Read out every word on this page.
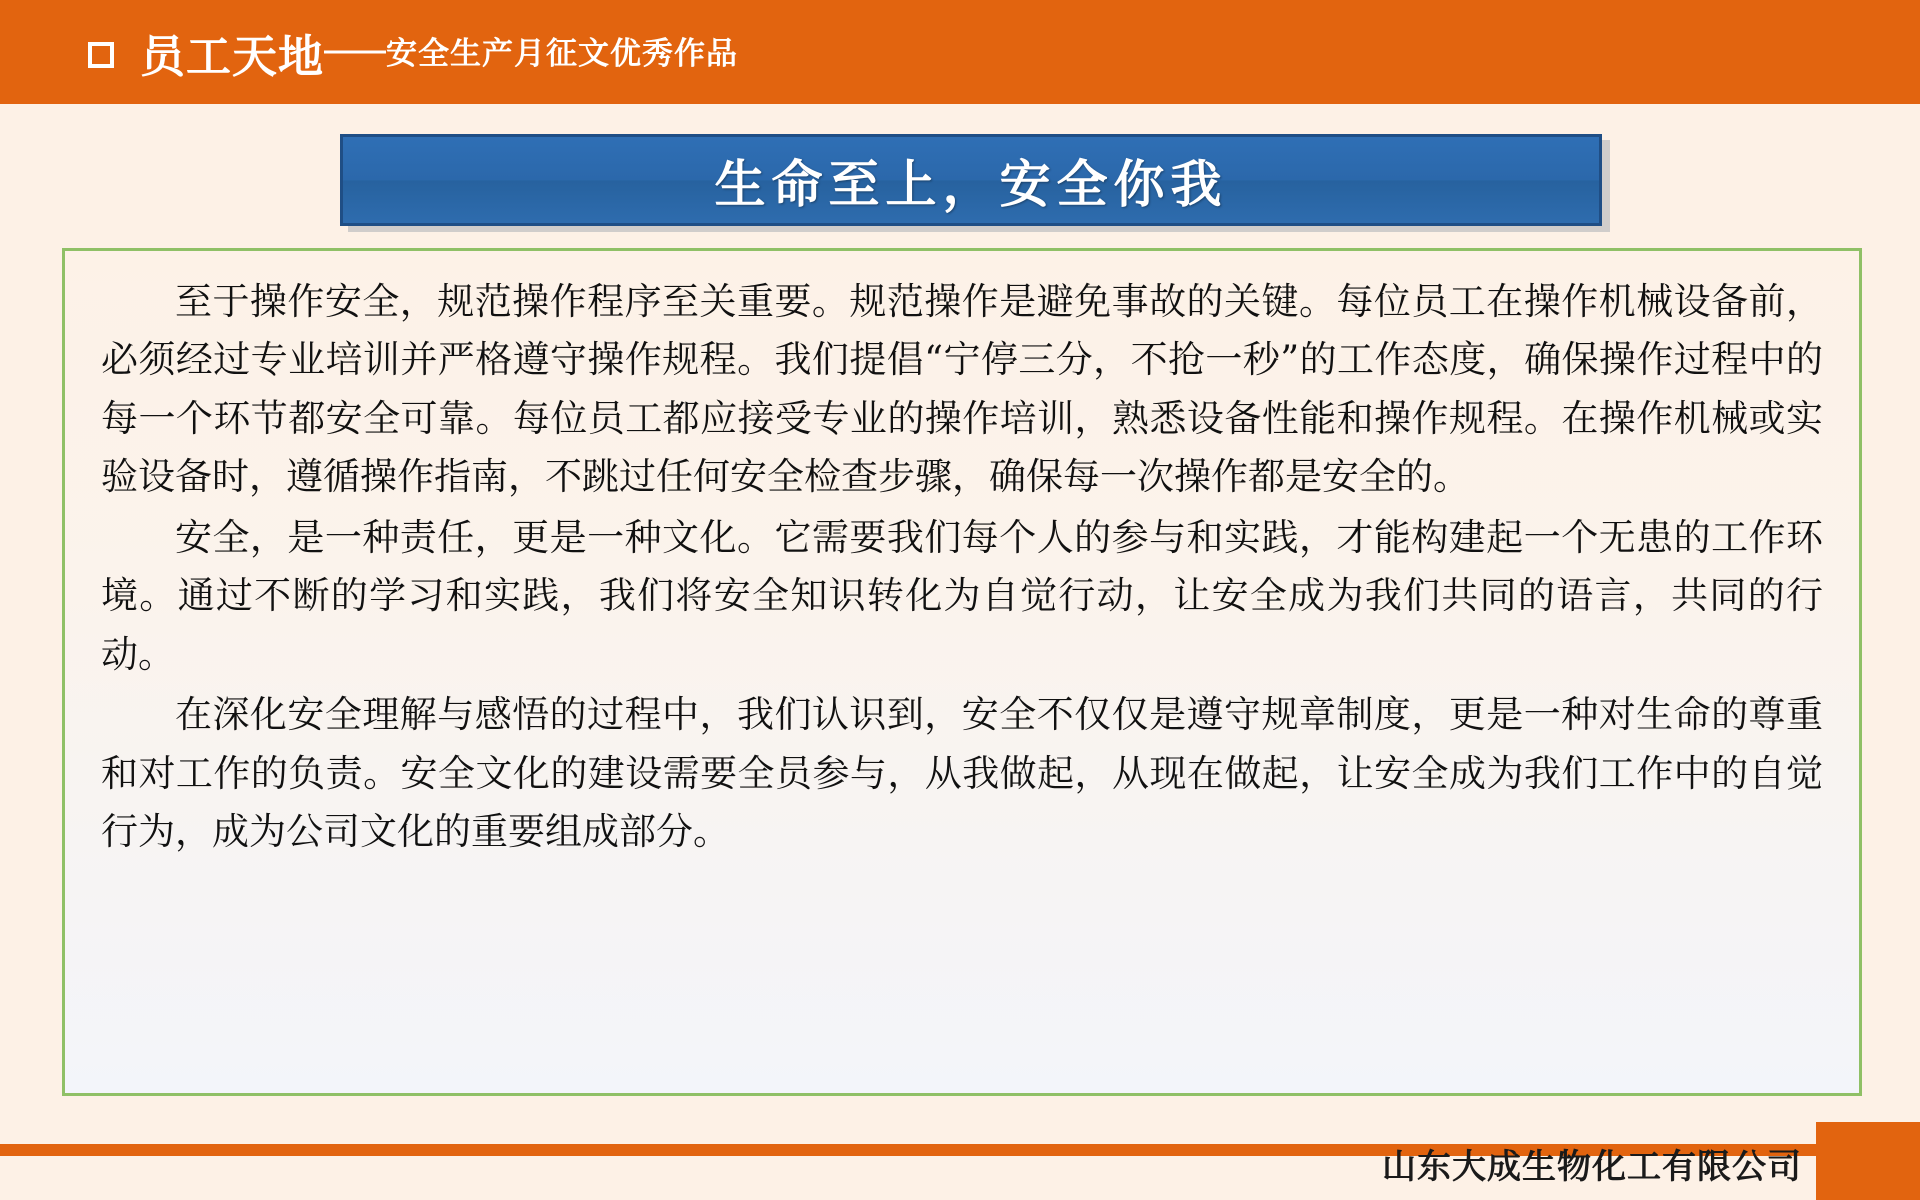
员工天地 —— 安全生产月征文优秀作品
生命至上，安全你我

至于操作安全，规范操作程序至关重要。规范操作是避免事故的关键。每位员工在操作机械设备前，必须经过专业培训并严格遵守操作规程。我们提倡“宁停三分，不抢一秒”的工作态度，确保操作过程中的每一个环节都安全可靠。每位员工都应接受专业的操作培训，熟悉设备性能和操作规程。在操作机械或实验设备时，遵循操作指南，不跳过任何安全检查步骤，确保每一次操作都是安全的。

安全，是一种责任，更是一种文化。它需要我们每个人的参与和实践，才能构建起一个无患的工作环境。通过不断的学习和实践，我们将安全知识转化为自觉行动，让安全成为我们共同的语言，共同的行动。

在深化安全理解与感悟的过程中，我们认识到，安全不仅仅是遵守规章制度，更是一种对生命的尊重和对工作的负责。安全文化的建设需要全员参与，从我做起，从现在做起，让安全成为我们工作中的自觉行为，成为公司文化的重要组成部分。

山东大成生物化工有限公司
